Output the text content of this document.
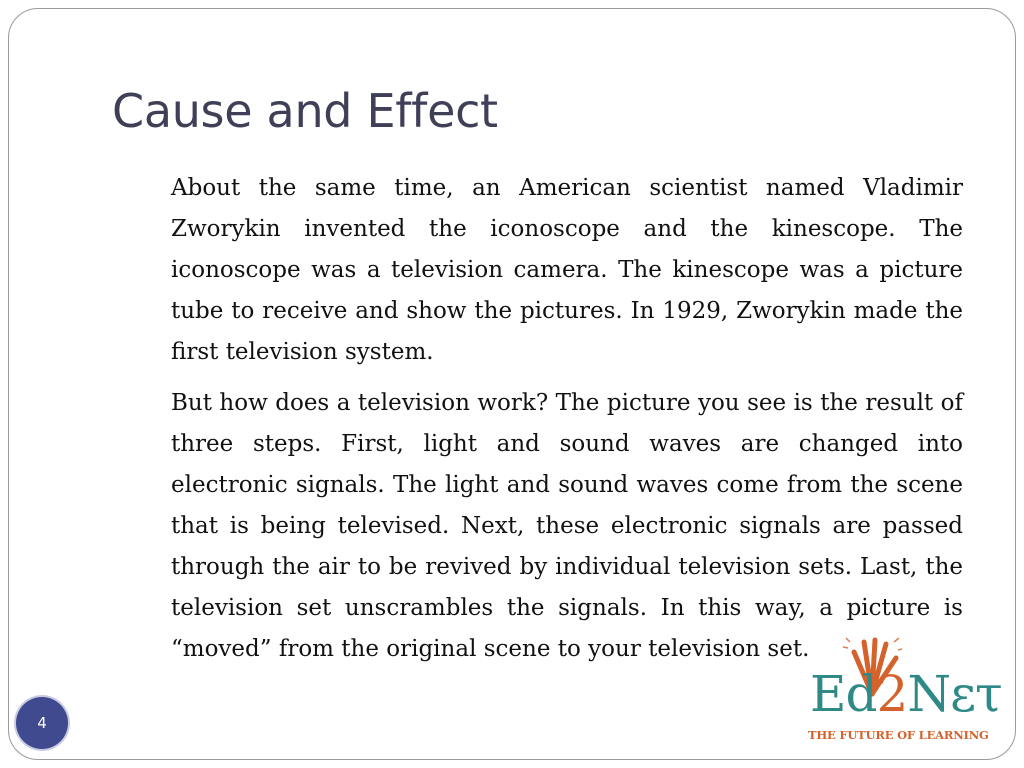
Cause and Effect

About the same time, an American scientist named Vladimir Zworykin invented the iconoscope and the kinescope. The iconoscope was a television camera. The kinescope was a picture tube to receive and show the pictures. In 1929, Zworykin made the first television system.

But how does a television work? The picture you see is the result of three steps. First, light and sound waves are changed into electronic signals. The light and sound waves come from the scene that is being televised. Next, these electronic signals are passed through the air to be revived by individual television sets. Last, the television set unscrambles the signals. In this way, a picture is “moved” from the original scene to your television set.

4	Ed2Nετ
THE FUTURE OF LEARNING
